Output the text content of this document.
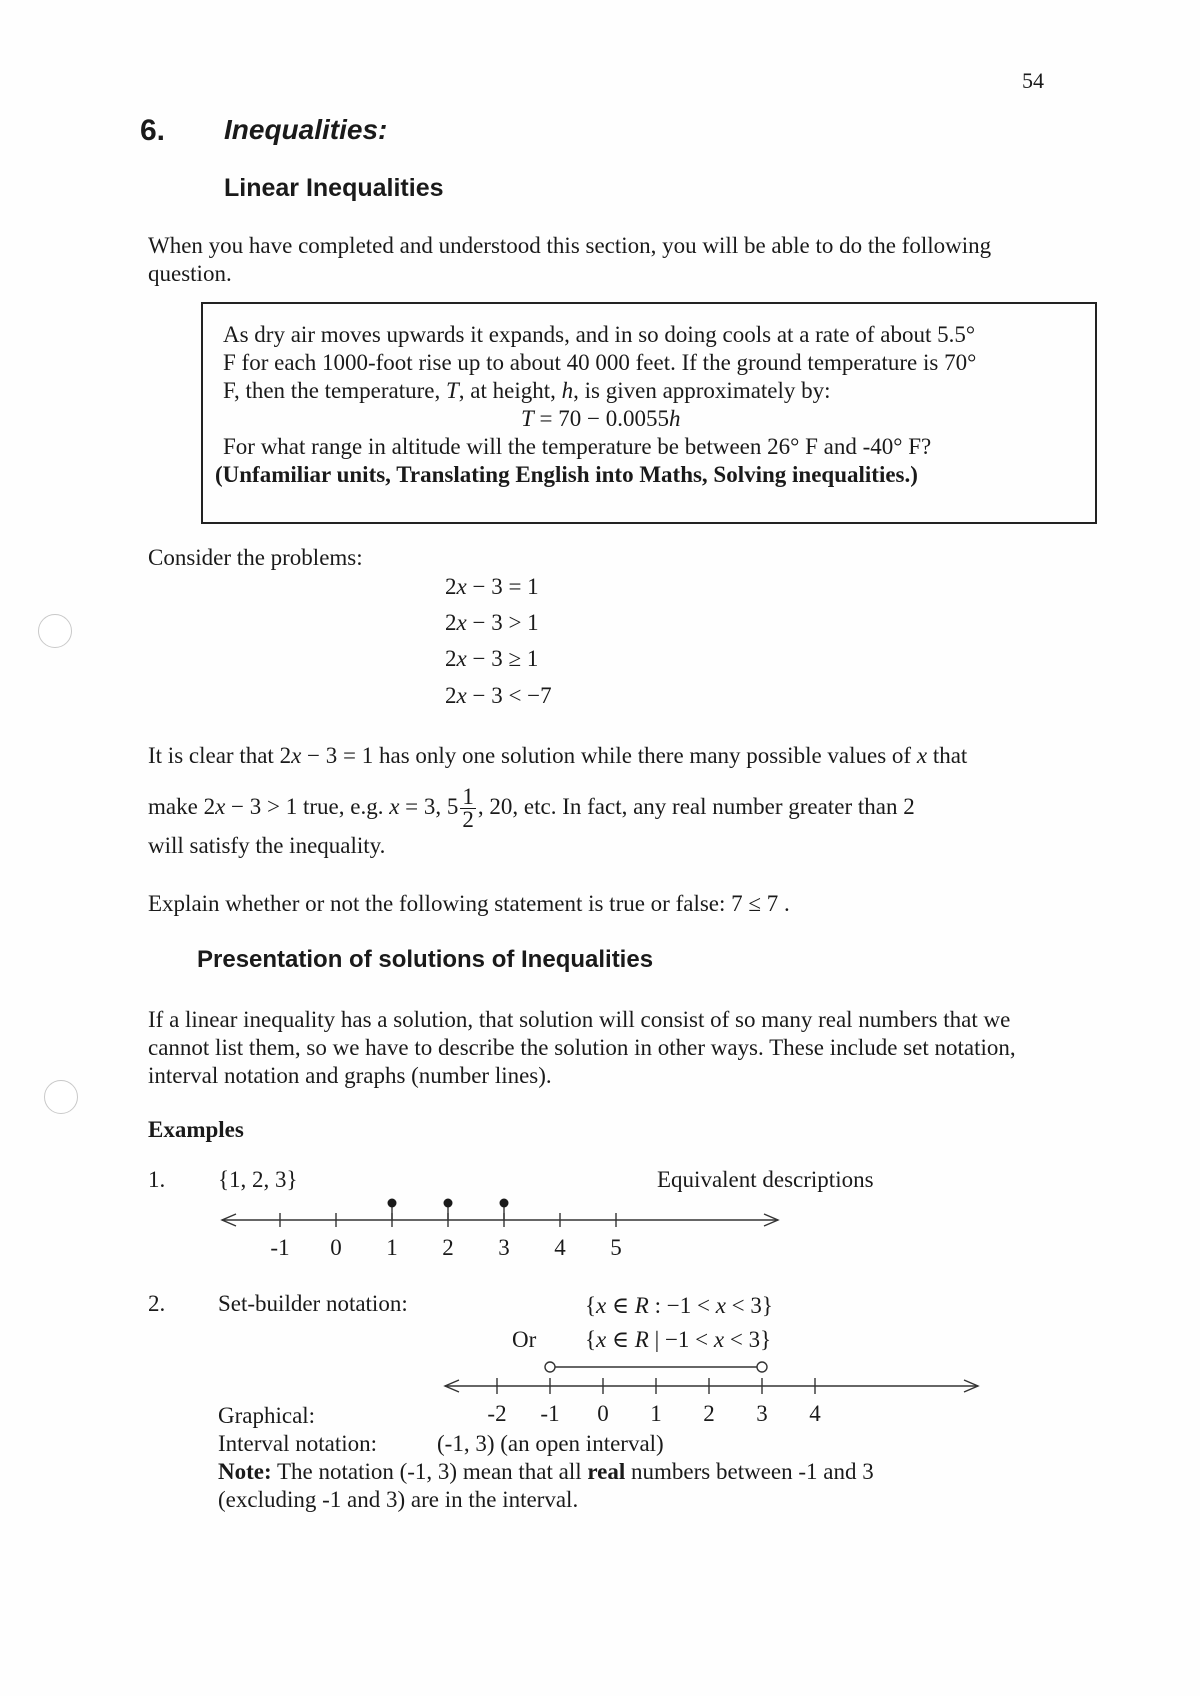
54
6. Inequalities:
Linear Inequalities
When you have completed and understood this section, you will be able to do the following question.
As dry air moves upwards it expands, and in so doing cools at a rate of about 5.5°
F for each 1000-foot rise up to about 40 000 feet. If the ground temperature is 70°
F, then the temperature, T, at height, h, is given approximately by:
T = 70 − 0.0055h
For what range in altitude will the temperature be between 26° F and -40° F?
(Unfamiliar units, Translating English into Maths, Solving inequalities.)
Consider the problems:
2x − 3 = 1
2x − 3 > 1
2x − 3 ≥ 1
2x − 3 < −7
It is clear that 2x − 3 = 1 has only one solution while there many possible values of x that
make 2x − 3 > 1 true, e.g. x = 3, $5 \frac{1}{2}$ , 20, etc. In fact, any real number greater than 2
will satisfy the inequality.
Explain whether or not the following statement is true or false: 7 ≤ 7 .
Presentation of solutions of Inequalities
If a linear inequality has a solution, that solution will consist of so many real numbers that we cannot list them, so we have to describe the solution in other ways. These include set notation, interval notation and graphs (number lines).
Examples
1. {1, 2, 3}	Equivalent descriptions
-1 0 1 2 3 4 5
-2 -1 0 1 2 3 4
2. Set-builder notation:	{x ∈ R : −1 < x < 3}
Or {x ∈ R | −1 < x < 3}
Graphical:
Interval notation:	(-1, 3) (an open interval)
Note: The notation (-1, 3) mean that all real numbers between -1 and 3
(excluding -1 and 3) are in the interval.
